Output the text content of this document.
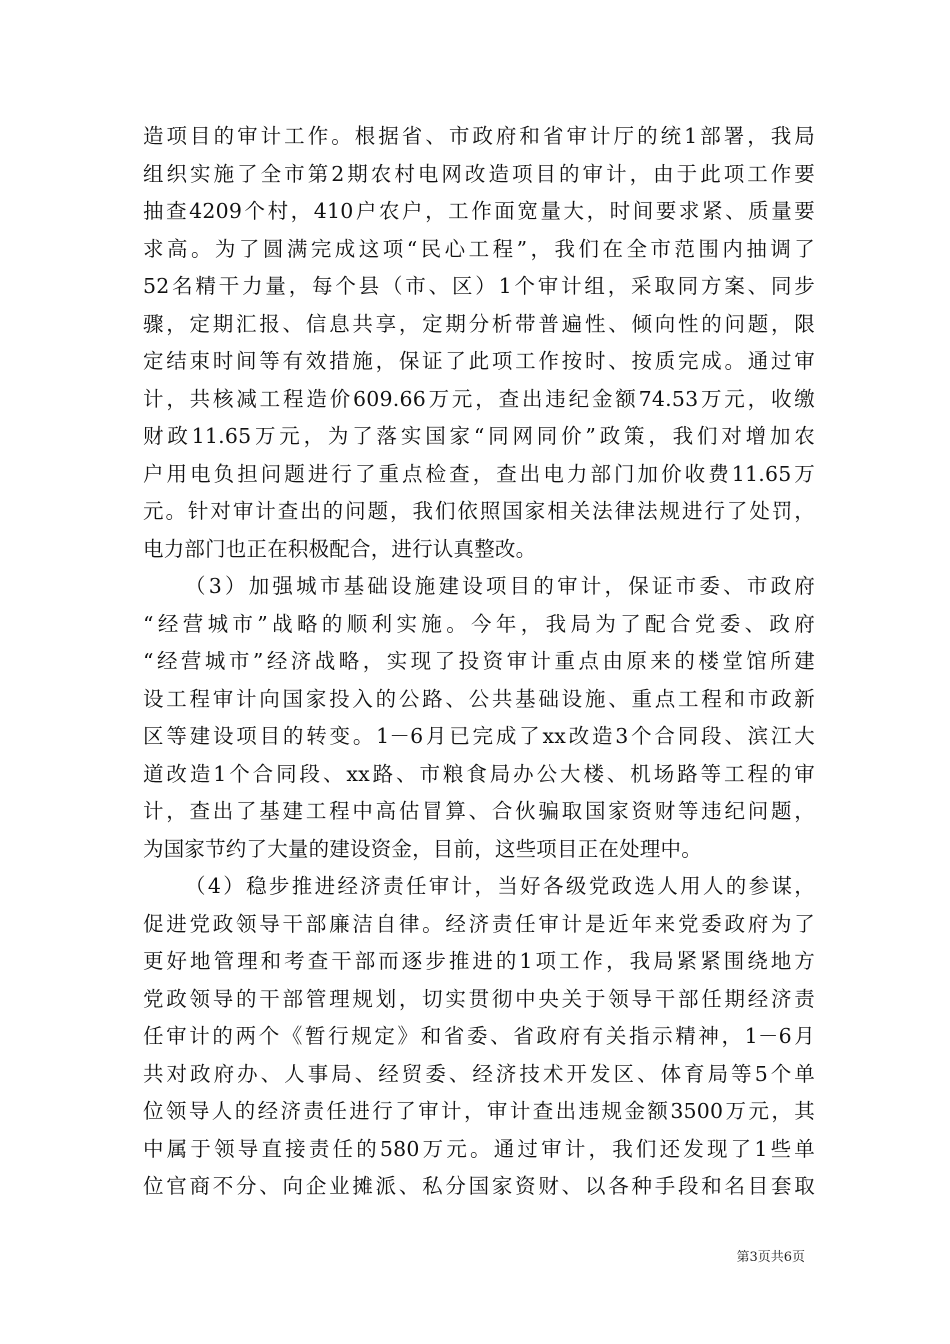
造项目的审计工作。根据省、市政府和省审计厅的统1部署，我局
组织实施了全市第2期农村电网改造项目的审计，由于此项工作要
抽查4209个村，410户农户，工作面宽量大，时间要求紧、质量要
求高。为了圆满完成这项“民心工程”，我们在全市范围内抽调了
52名精干力量，每个县（市、区）1个审计组，采取同方案、同步
骤，定期汇报、信息共享，定期分析带普遍性、倾向性的问题，限
定结束时间等有效措施，保证了此项工作按时、按质完成。通过审
计，共核减工程造价609.66万元，查出违纪金额74.53万元，收缴
财政11.65万元，为了落实国家“同网同价”政策，我们对增加农
户用电负担问题进行了重点检查，查出电力部门加价收费11.65万
元。针对审计查出的问题，我们依照国家相关法律法规进行了处罚，
电力部门也正在积极配合，进行认真整改。
（3）加强城市基础设施建设项目的审计，保证市委、市政府
“经营城市”战略的顺利实施。今年，我局为了配合党委、政府
“经营城市”经济战略，实现了投资审计重点由原来的楼堂馆所建
设工程审计向国家投入的公路、公共基础设施、重点工程和市政新
区等建设项目的转变。1－6月已完成了xx改造3个合同段、滨江大
道改造1个合同段、xx路、市粮食局办公大楼、机场路等工程的审
计，查出了基建工程中高估冒算、合伙骗取国家资财等违纪问题，
为国家节约了大量的建设资金，目前，这些项目正在处理中。
（4）稳步推进经济责任审计，当好各级党政选人用人的参谋，
促进党政领导干部廉洁自律。经济责任审计是近年来党委政府为了
更好地管理和考查干部而逐步推进的1项工作，我局紧紧围绕地方
党政领导的干部管理规划，切实贯彻中央关于领导干部任期经济责
任审计的两个《暂行规定》和省委、省政府有关指示精神，1－6月
共对政府办、人事局、经贸委、经济技术开发区、体育局等5个单
位领导人的经济责任进行了审计，审计查出违规金额3500万元，其
中属于领导直接责任的580万元。通过审计，我们还发现了1些单
位官商不分、向企业摊派、私分国家资财、以各种手段和名目套取
第3页共6页
